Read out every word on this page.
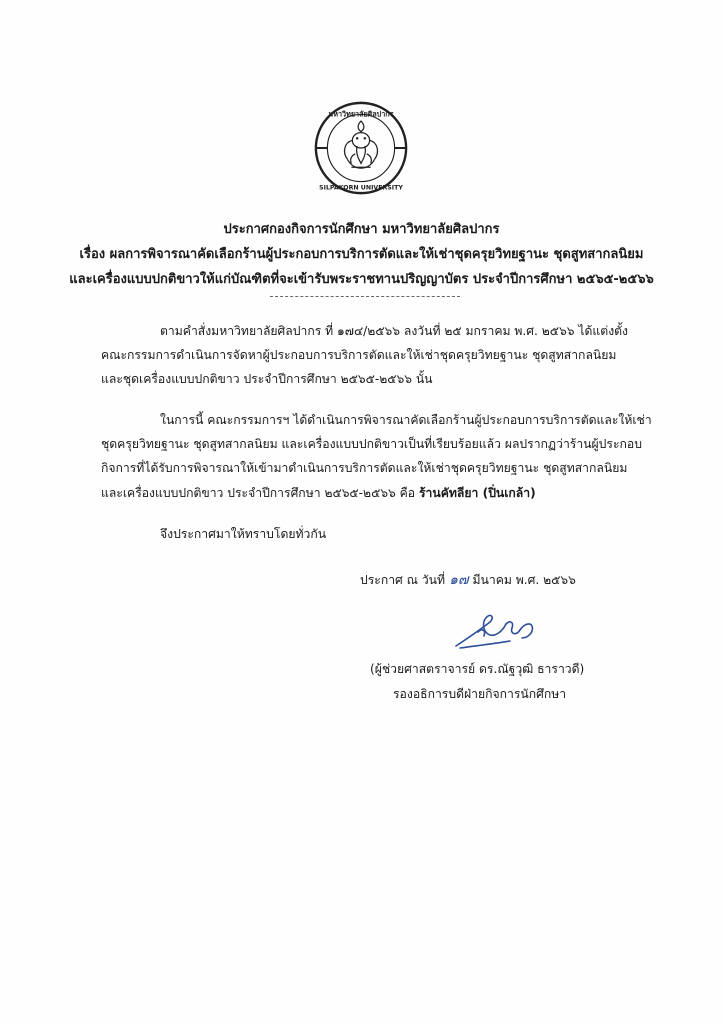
มหาวิทยาลัยศิลปากร
SILPAKORN UNIVERSITY
ประกาศกองกิจการนักศึกษา มหาวิทยาลัยศิลปากร
เรื่อง ผลการพิจารณาคัดเลือกร้านผู้ประกอบการบริการตัดและให้เช่าชุดครุยวิทยฐานะ ชุดสูทสากลนิยม
และเครื่องแบบปกติขาวให้แก่บัณฑิตที่จะเข้ารับพระราชทานปริญญาบัตร ประจำปีการศึกษา ๒๕๖๕-๒๕๖๖
ตามคำสั่งมหาวิทยาลัยศิลปากร ที่ ๑๗๔/๒๕๖๖ ลงวันที่ ๒๕ มกราคม พ.ศ. ๒๕๖๖ ได้แต่งตั้ง
คณะกรรมการดำเนินการจัดหาผู้ประกอบการบริการตัดและให้เช่าชุดครุยวิทยฐานะ ชุดสูทสากลนิยม
และชุดเครื่องแบบปกติขาว ประจำปีการศึกษา ๒๕๖๕-๒๕๖๖ นั้น
ในการนี้ คณะกรรมการฯ ได้ดำเนินการพิจารณาคัดเลือกร้านผู้ประกอบการบริการตัดและให้เช่า
ชุดครุยวิทยฐานะ ชุดสูทสากลนิยม และเครื่องแบบปกติขาวเป็นที่เรียบร้อยแล้ว ผลปรากฏว่าร้านผู้ประกอบ
กิจการที่ได้รับการพิจารณาให้เข้ามาดำเนินการบริการตัดและให้เช่าชุดครุยวิทยฐานะ ชุดสูทสากลนิยม
และเครื่องแบบปกติขาว ประจำปีการศึกษา ๒๕๖๕-๒๕๖๖ คือ ร้านคัทลียา (ปิ่นเกล้า)
จึงประกาศมาให้ทราบโดยทั่วกัน
ประกาศ ณ วันที่ ๑๗ มีนาคม พ.ศ. ๒๕๖๖
(ผู้ช่วยศาสตราจารย์ ดร.ณัฐวุฒิ ธาราวดี)
รองอธิการบดีฝ่ายกิจการนักศึกษา
